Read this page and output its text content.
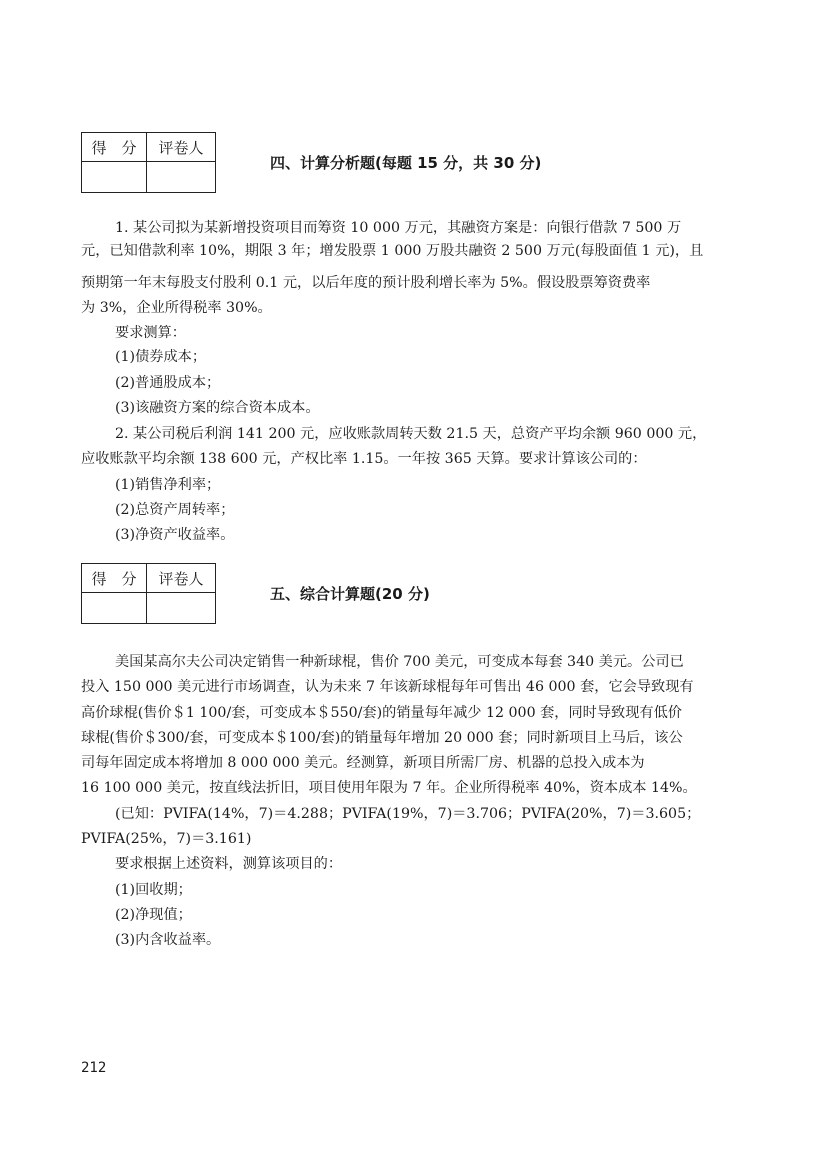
得　分	评卷人

四、计算分析题(每题 15 分，共 30 分)
1. 某公司拟为某新增投资项目而筹资 10 000 万元，其融资方案是：向银行借款 7 500 万
元，已知借款利率 10%，期限 3 年；增发股票 1 000 万股共融资 2 500 万元(每股面值 1 元)，且
预期第一年末每股支付股利 0.1 元，以后年度的预计股利增长率为 5%。假设股票筹资费率
为 3%，企业所得税率 30%。
要求测算：
(1)债券成本；
(2)普通股成本；
(3)该融资方案的综合资本成本。
2. 某公司税后利润 141 200 元，应收账款周转天数 21.5 天，总资产平均余额 960 000 元，
应收账款平均余额 138 600 元，产权比率 1.15。一年按 365 天算。要求计算该公司的：
(1)销售净利率；
(2)总资产周转率；
(3)净资产收益率。
得　分	评卷人

五、综合计算题(20 分)
美国某高尔夫公司决定销售一种新球棍，售价 700 美元，可变成本每套 340 美元。公司已
投入 150 000 美元进行市场调查，认为未来 7 年该新球棍每年可售出 46 000 套，它会导致现有
高价球棍(售价＄1 100/套，可变成本＄550/套)的销量每年减少 12 000 套，同时导致现有低价
球棍(售价＄300/套，可变成本＄100/套)的销量每年增加 20 000 套；同时新项目上马后，该公
司每年固定成本将增加 8 000 000 美元。经测算，新项目所需厂房、机器的总投入成本为
16 100 000 美元，按直线法折旧，项目使用年限为 7 年。企业所得税率 40%，资本成本 14%。
(已知：PVIFA(14%，7)＝4.288；PVIFA(19%，7)＝3.706；PVIFA(20%，7)＝3.605；
PVIFA(25%，7)＝3.161)
要求根据上述资料，测算该项目的：
(1)回收期；
(2)净现值；
(3)内含收益率。
212
